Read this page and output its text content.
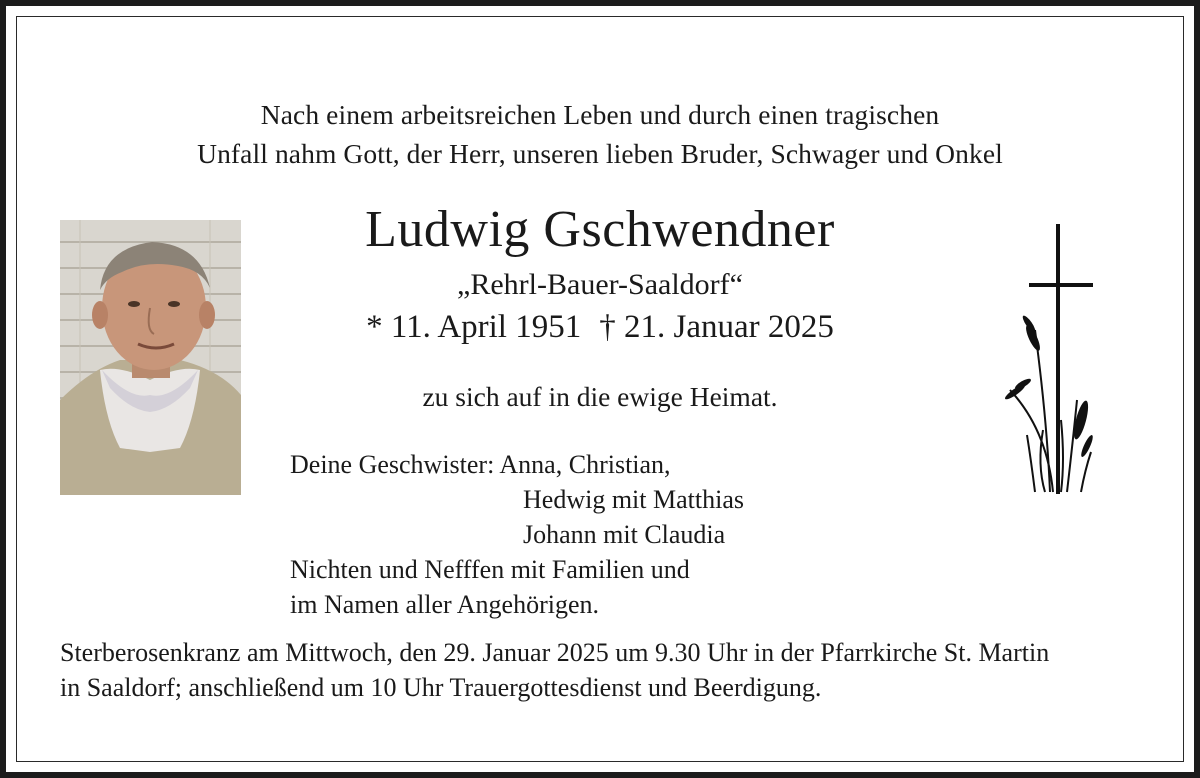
Nach einem arbeitsreichen Leben und durch einen tragischen
Unfall nahm Gott, der Herr, unseren lieben Bruder, Schwager und Onkel
Ludwig Gschwendner
„Rehrl-Bauer-Saaldorf“
* 11. April 1951 † 21. Januar 2025
zu sich auf in die ewige Heimat.
Deine Geschwister: Anna, Christian,
Hedwig mit Matthias
Johann mit Claudia
Nichten und Nefffen mit Familien und
im Namen aller Angehörigen.
Sterberosenkranz am Mittwoch, den 29. Januar 2025 um 9.30 Uhr in der Pfarrkirche St. Martin
in Saaldorf; anschließend um 10 Uhr Trauergottesdienst und Beerdigung.
